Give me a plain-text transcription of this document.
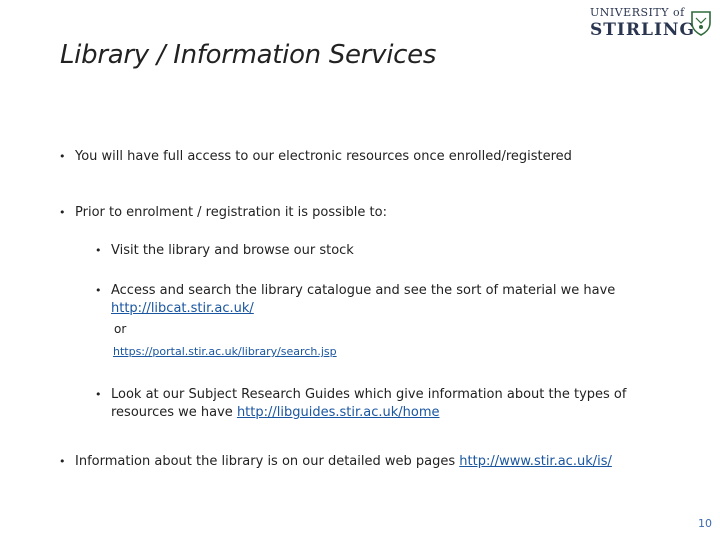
Library / Information Services
UNIVERSITY of
STIRLING
• You will have full access to our electronic resources once enrolled/registered
• Prior to enrolment / registration it is possible to:
• Visit the library and browse our stock
• Access and search the library catalogue and see the sort of material we have
http://libcat.stir.ac.uk/
or
https://portal.stir.ac.uk/library/search.jsp
• Look at our Subject Research Guides which give information about the types of
resources we have http://libguides.stir.ac.uk/home
• Information about the library is on our detailed web pages http://www.stir.ac.uk/is/
10
